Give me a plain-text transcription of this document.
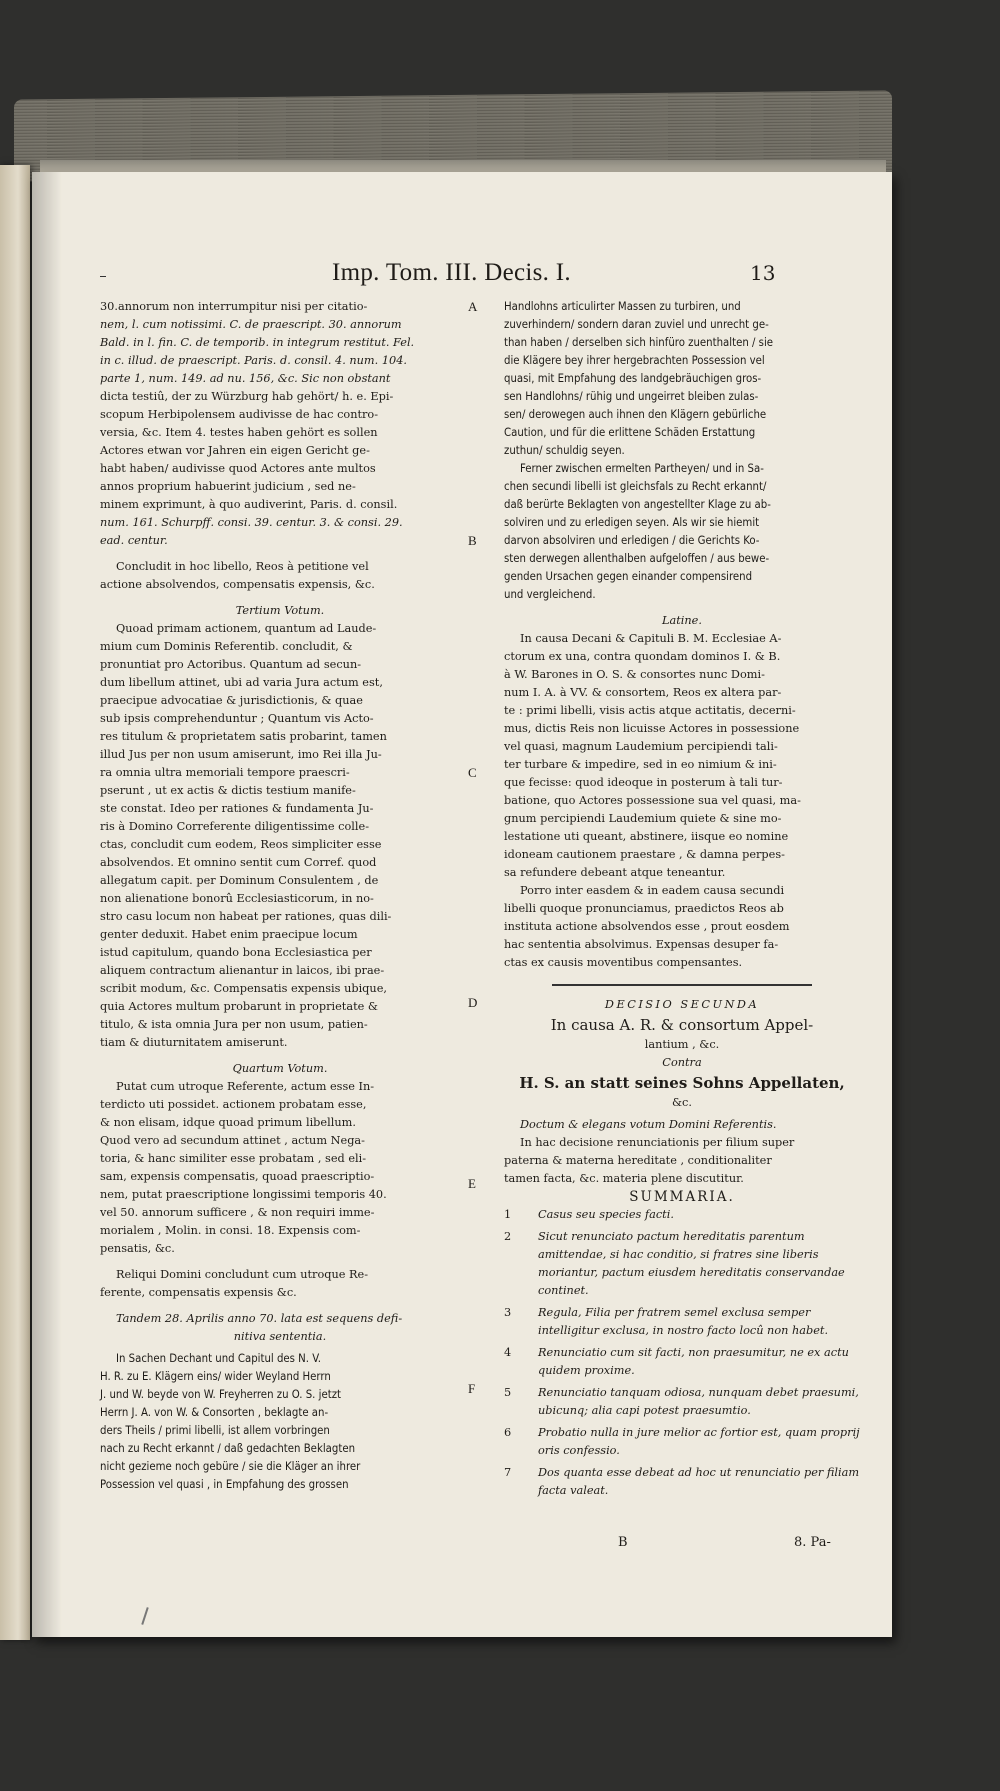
Imp. Tom. III. Decis. I.	13

30.annorum non interrumpitur nisi per citatio-

nem, l. cum notissimi. C. de praescript. 30. annorum

Bald. in l. fin. C. de temporib. in integrum restitut. Fel.

in c. illud. de praescript. Paris. d. consil. 4. num. 104.

parte 1, num. 149. ad nu. 156, &c. Sic non obstant

dicta testiû, der zu Würzburg hab gehört/ h. e. Epi-

scopum Herbipolensem audivisse de hac contro-

versia, &c. Item 4. testes haben gehört es sollen

Actores etwan vor Jahren ein eigen Gericht ge-

habt haben/ audivisse quod Actores ante multos

annos proprium habuerint judicium , sed ne-

minem exprimunt, à quo audiverint, Paris. d. consil.

num. 161. Schurpff. consi. 39. centur. 3. & consi. 29.

ead. centur.

Concludit in hoc libello, Reos à petitione vel

actione absolvendos, compensatis expensis, &c.

Tertium Votum.

Quoad primam actionem, quantum ad Laude-

mium cum Dominis Referentib. concludit, &

pronuntiat pro Actoribus. Quantum ad secun-

dum libellum attinet, ubi ad varia Jura actum est,

praecipue advocatiae & jurisdictionis, & quae

sub ipsis comprehenduntur ; Quantum vis Acto-

res titulum & proprietatem satis probarint, tamen

illud Jus per non usum amiserunt, imo Rei illa Ju-

ra omnia ultra memoriali tempore praescri-

pserunt , ut ex actis & dictis testium manife-

ste constat. Ideo per rationes & fundamenta Ju-

ris à Domino Correferente diligentissime colle-

ctas, concludit cum eodem, Reos simpliciter esse

absolvendos. Et omnino sentit cum Corref. quod

allegatum capit. per Dominum Consulentem , de

non alienatione bonorû Ecclesiasticorum, in no-

stro casu locum non habeat per rationes, quas dili-

genter deduxit. Habet enim praecipue locum

istud capitulum, quando bona Ecclesiastica per

aliquem contractum alienantur in laicos, ibi prae-

scribit modum, &c. Compensatis expensis ubique,

quia Actores multum probarunt in proprietate &

titulo, & ista omnia Jura per non usum, patien-

tiam & diuturnitatem amiserunt.

Quartum Votum.

Putat cum utroque Referente, actum esse In-

terdicto uti possidet. actionem probatam esse,

& non elisam, idque quoad primum libellum.

Quod vero ad secundum attinet , actum Nega-

toria, & hanc similiter esse probatam , sed eli-

sam, expensis compensatis, quoad praescriptio-

nem, putat praescriptione longissimi temporis 40.

vel 50. annorum sufficere , & non requiri imme-

morialem , Molin. in consi. 18. Expensis com-

pensatis, &c.

Reliqui Domini concludunt cum utroque Re-

ferente, compensatis expensis &c.

Tandem 28. Aprilis anno 70. lata est sequens defi-

nitiva sententia.

In Sachen Dechant und Capitul des N. V.

H. R. zu E. Klägern eins/ wider Weyland Herrn

J. und W. beyde von W. Freyherren zu O. S. jetzt

Herrn J. A. von W. & Consorten , beklagte an-

ders Theils / primi libelli, ist allem vorbringen

nach zu Recht erkannt / daß gedachten Beklagten

nicht gezieme noch gebüre / sie die Kläger an ihrer

Possession vel quasi , in Empfahung des grossen

A
B
C
D
E
F

Handlohns articulirter Massen zu turbiren, und

zuverhindern/ sondern daran zuviel und unrecht ge-

than haben / derselben sich hinfüro zuenthalten / sie

die Klägere bey ihrer hergebrachten Possession vel

quasi, mit Empfahung des landgebräuchigen gros-

sen Handlohns/ rühig und ungeirret bleiben zulas-

sen/ derowegen auch ihnen den Klägern gebürliche

Caution, und für die erlittene Schäden Erstattung

zuthun/ schuldig seyen.

Ferner zwischen ermelten Partheyen/ und in Sa-

chen secundi libelli ist gleichsfals zu Recht erkannt/

daß berürte Beklagten von angestellter Klage zu ab-

solviren und zu erledigen seyen. Als wir sie hiemit

darvon absolviren und erledigen / die Gerichts Ko-

sten derwegen allenthalben aufgeloffen / aus bewe-

genden Ursachen gegen einander compensirend

und vergleichend.

Latine.

In causa Decani & Capituli B. M. Ecclesiae A-

ctorum ex una, contra quondam dominos I. & B.

à W. Barones in O. S. & consortes nunc Domi-

num I. A. à VV. & consortem, Reos ex altera par-

te : primi libelli, visis actis atque actitatis, decerni-

mus, dictis Reis non licuisse Actores in possessione

vel quasi, magnum Laudemium percipiendi tali-

ter turbare & impedire, sed in eo nimium & ini-

que fecisse: quod ideoque in posterum à tali tur-

batione, quo Actores possessione sua vel quasi, ma-

gnum percipiendi Laudemium quiete & sine mo-

lestatione uti queant, abstinere, iisque eo nomine

idoneam cautionem praestare , & damna perpes-

sa refundere debeant atque teneantur.

Porro inter easdem & in eadem causa secundi

libelli quoque pronunciamus, praedictos Reos ab

instituta actione absolvendos esse , prout eosdem

hac sententia absolvimus. Expensas desuper fa-

ctas ex causis moventibus compensantes.

DECISIO SECUNDA

In causa A. R. & consortum Appel-

lantium , &c.

Contra

H. S. an statt seines Sohns Appellaten,

&c.

Doctum & elegans votum Domini Referentis.

In hac decisione renunciationis per filium super

paterna & materna hereditate , conditionaliter

tamen facta, &c. materia plene discutitur.

SUMMARIA.

1 Casus seu species facti.
2 Sicut renunciato pactum hereditatis parentum amittendae, si hac conditio, si fratres sine liberis moriantur, pactum eiusdem hereditatis conservandae continet.
3 Regula, Filia per fratrem semel exclusa semper intelligitur exclusa, in nostro facto locû non habet.
4 Renunciatio cum sit facti, non praesumitur, ne ex actu quidem proxime.
5 Renunciatio tanquam odiosa, nunquam debet praesumi, ubicunq; alia capi potest praesumtio.
6 Probatio nulla in jure melior ac fortior est, quam proprij oris confessio.
7 Dos quanta esse debeat ad hoc ut renunciatio per filiam facta valeat.
B	8. Pa-
